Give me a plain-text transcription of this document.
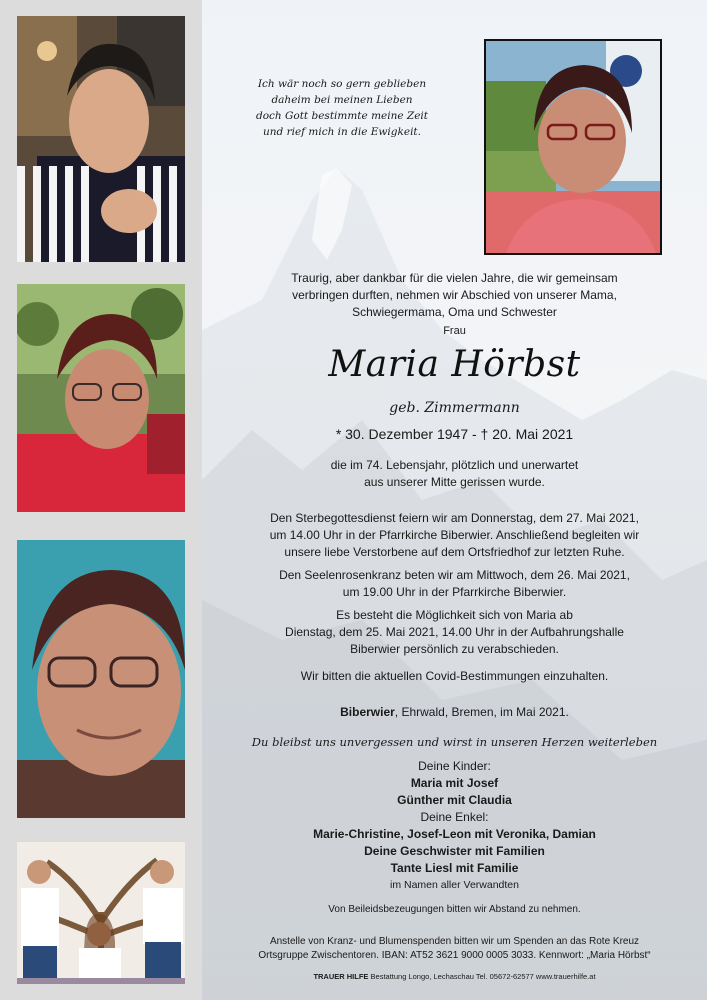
Ich wär noch so gern geblieben
daheim bei meinen Lieben
doch Gott bestimmte meine Zeit
und rief mich in die Ewigkeit.
Traurig, aber dankbar für die vielen Jahre, die wir gemeinsam
verbringen durften, nehmen wir Abschied von unserer Mama,
Schwiegermama, Oma und Schwester
Frau
Maria Hörbst
geb. Zimmermann
* 30. Dezember 1947 - † 20. Mai 2021
die im 74. Lebensjahr, plötzlich und unerwartet
aus unserer Mitte gerissen wurde.
Den Sterbegottesdienst feiern wir am Donnerstag, dem 27. Mai 2021,
um 14.00 Uhr in der Pfarrkirche Biberwier. Anschließend begleiten wir
unsere liebe Verstorbene auf dem Ortsfriedhof zur letzten Ruhe.
Den Seelenrosenkranz beten wir am Mittwoch, dem 26. Mai 2021,
um 19.00 Uhr in der Pfarrkirche Biberwier.
Es besteht die Möglichkeit sich von Maria ab
Dienstag, dem 25. Mai 2021, 14.00 Uhr in der Aufbahrungshalle
Biberwier persönlich zu verabschieden.
Wir bitten die aktuellen Covid-Bestimmungen einzuhalten.
Biberwier, Ehrwald, Bremen, im Mai 2021.
Du bleibst uns unvergessen und wirst in unseren Herzen weiterleben
Deine Kinder:
Maria mit Josef
Günther mit Claudia
Deine Enkel:
Marie-Christine, Josef-Leon mit Veronika, Damian
Deine Geschwister mit Familien
Tante Liesl mit Familie
im Namen aller Verwandten
Von Beileidsbezeugungen bitten wir Abstand zu nehmen.
Anstelle von Kranz- und Blumenspenden bitten wir um Spenden an das Rote Kreuz
Ortsgruppe Zwischentoren. IBAN: AT52 3621 9000 0005 3033. Kennwort: „Maria Hörbst“
TRAUER HILFE Bestattung Longo, Lechaschau Tel. 05672-62577 www.trauerhilfe.at
